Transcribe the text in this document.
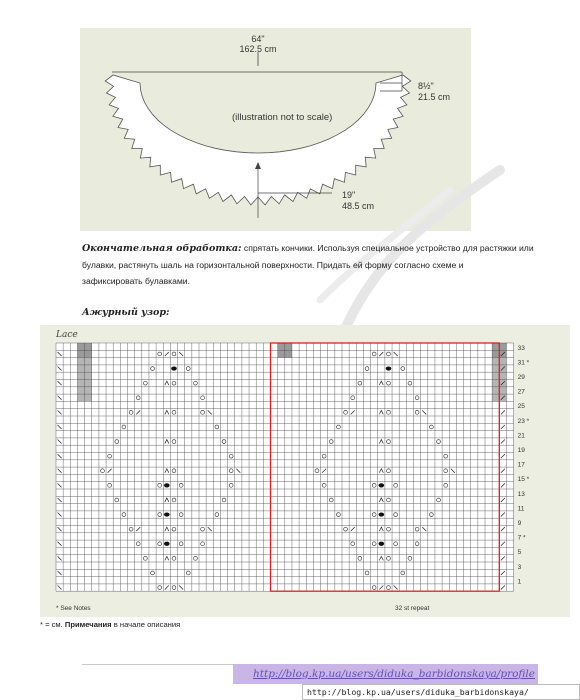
64"
162.5 cm
8½"
21.5 cm
(illustration not to scale)
19"
48.5 cm
Окончательная обработка: спрятать кончики. Используя специальное устройство для растяжки или
булавки, растянуть шаль на горизонтальной поверхности. Придать ей форму согласно схеме и
зафиксировать булавками.
Ажурный узор:
Lace
33
31 *
29
27
25
23 *
21
19
17
15 *
13
11
9
7 *
5
3
1
* See Notes	32 st repeat
* = см. Примечания в начале описания
http://blog.kp.ua/users/diduka_barbidonskaya/profile
http://blog.kp.ua/users/diduka_barbidonskaya/
